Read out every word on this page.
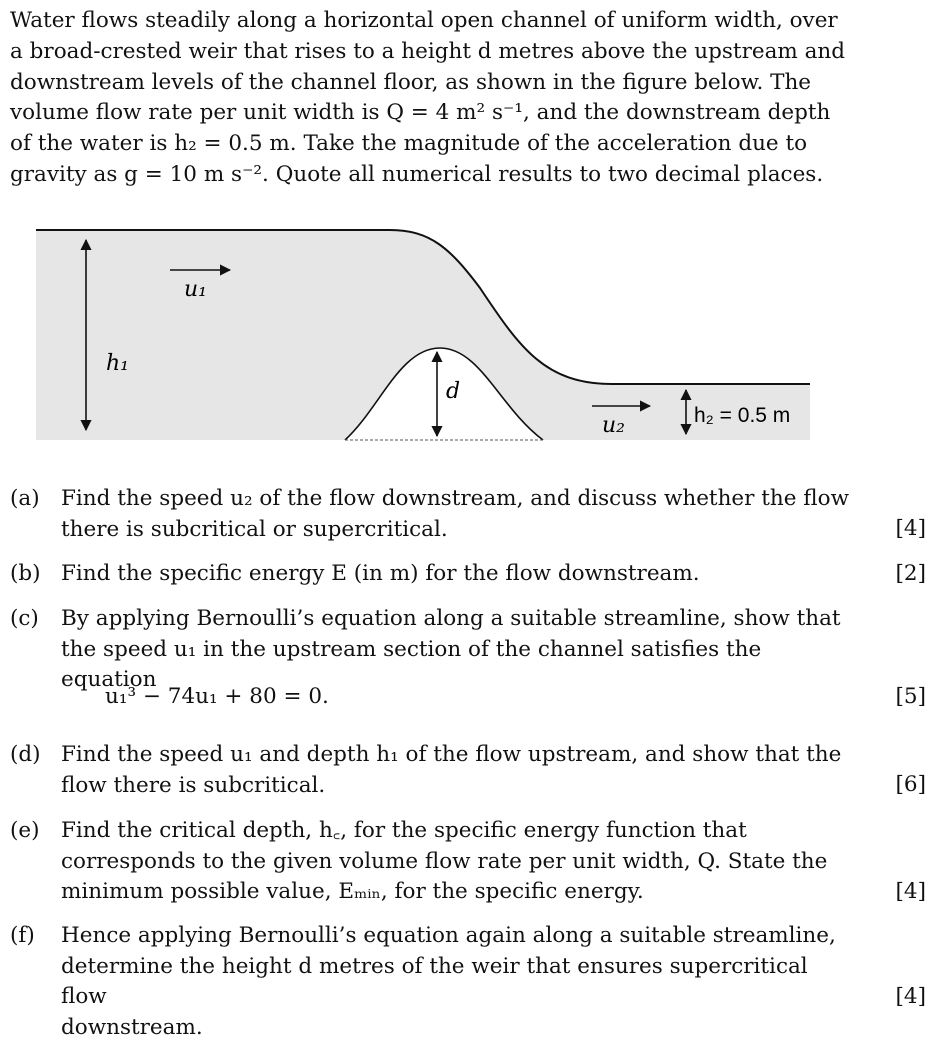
Water flows steadily along a horizontal open channel of uniform width, over

a broad-crested weir that rises to a height d metres above the upstream and

downstream levels of the channel floor, as shown in the figure below. The

volume flow rate per unit width is Q = 4 m² s⁻¹, and the downstream depth

of the water is h₂ = 0.5 m. Take the magnitude of the acceleration due to

gravity as g = 10 m s⁻². Quote all numerical results to two decimal places.

h₁
u₁
d
u₂	h₂ = 0.5 m
(a) Find the speed u₂ of the flow downstream, and discuss whether the flow

there is subcritical or supercritical.	[4]
(b) Find the specific energy E (in m) for the flow downstream.	[2]
(c) By applying Bernoulli’s equation along a suitable streamline, show that

the speed u₁ in the upstream section of the channel satisfies the equation

u₁³ − 74u₁ + 80 = 0.	[5]
(d) Find the speed u₁ and depth h₁ of the flow upstream, and show that the

flow there is subcritical.	[6]
(e) Find the critical depth, h꜀, for the specific energy function that

corresponds to the given volume flow rate per unit width, Q. State the

minimum possible value, Eₘᵢₙ, for the specific energy.	[4]
(f) Hence applying Bernoulli’s equation again along a suitable streamline,

determine the height d metres of the weir that ensures supercritical flow

downstream.

[4]
